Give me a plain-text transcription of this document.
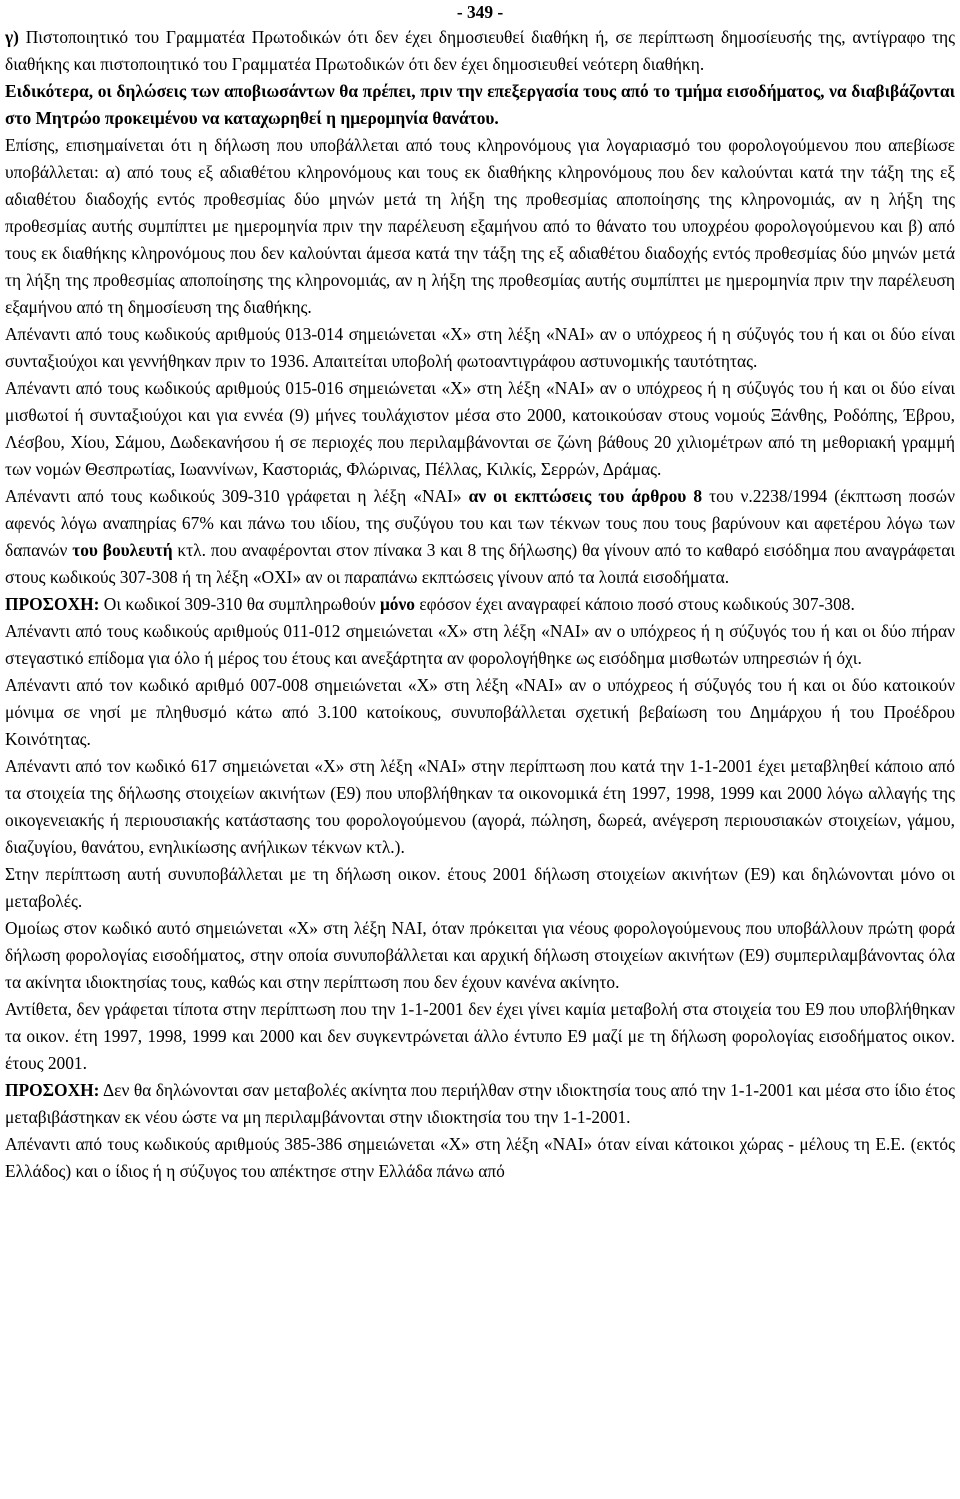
- 349 -

γ) Πιστοποιητικό του Γραμματέα Πρωτοδικών ότι δεν έχει δημοσιευθεί διαθήκη ή, σε περίπτωση δημοσίευσής της, αντίγραφο της διαθήκης και πιστοποιητικό του Γραμματέα Πρωτοδικών ότι δεν έχει δημοσιευθεί νεότερη διαθήκη.

Ειδικότερα, οι δηλώσεις των αποβιωσάντων θα πρέπει, πριν την επεξεργασία τους από το τμήμα εισοδήματος, να διαβιβάζονται στο Μητρώο προκειμένου να καταχωρηθεί η ημερομηνία θανάτου.

Επίσης, επισημαίνεται ότι η δήλωση που υποβάλλεται από τους κληρονόμους για λογαριασμό του φορολογούμενου που απεβίωσε υποβάλλεται: α) από τους εξ αδιαθέτου κληρονόμους και τους εκ διαθήκης κληρονόμους που δεν καλούνται κατά την τάξη της εξ αδιαθέτου διαδοχής εντός προθεσμίας δύο μηνών μετά τη λήξη της προθεσμίας αποποίησης της κληρονομιάς, αν η λήξη της προθεσμίας αυτής συμπίπτει με ημερομηνία πριν την παρέλευση εξαμήνου από το θάνατο του υποχρέου φορολογούμενου και β) από τους εκ διαθήκης κληρονόμους που δεν καλούνται άμεσα κατά την τάξη της εξ αδιαθέτου διαδοχής εντός προθεσμίας δύο μηνών μετά τη λήξη της προθεσμίας αποποίησης της κληρονομιάς, αν η λήξη της προθεσμίας αυτής συμπίπτει με ημερομηνία πριν την παρέλευση εξαμήνου από τη δημοσίευση της διαθήκης.

Απέναντι από τους κωδικούς αριθμούς 013-014 σημειώνεται «Χ» στη λέξη «ΝΑΙ» αν ο υπόχρεος ή η σύζυγός του ή και οι δύο είναι συνταξιούχοι και γεννήθηκαν πριν το 1936. Απαιτείται υποβολή φωτοαντιγράφου αστυνομικής ταυτότητας.

Απέναντι από τους κωδικούς αριθμούς 015-016 σημειώνεται «Χ» στη λέξη «ΝΑΙ» αν ο υπόχρεος ή η σύζυγός του ή και οι δύο είναι μισθωτοί ή συνταξιούχοι και για εννέα (9) μήνες τουλάχιστον μέσα στο 2000, κατοικούσαν στους νομούς Ξάνθης, Ροδόπης, Έβρου, Λέσβου, Χίου, Σάμου, Δωδεκανήσου ή σε περιοχές που περιλαμβάνονται σε ζώνη βάθους 20 χιλιομέτρων από τη μεθοριακή γραμμή των νομών Θεσπρωτίας, Ιωαννίνων, Καστοριάς, Φλώρινας, Πέλλας, Κιλκίς, Σερρών, Δράμας.

Απέναντι από τους κωδικούς 309-310 γράφεται η λέξη «ΝΑΙ» αν οι εκπτώσεις του άρθρου 8 του ν.2238/1994 (έκπτωση ποσών αφενός λόγω αναπηρίας 67% και πάνω του ιδίου, της συζύγου του και των τέκνων τους που τους βαρύνουν και αφετέρου λόγω των δαπανών του βουλευτή κτλ. που αναφέρονται στον πίνακα 3 και 8 της δήλωσης) θα γίνουν από το καθαρό εισόδημα που αναγράφεται στους κωδικούς 307-308 ή τη λέξη «ΟΧΙ» αν οι παραπάνω εκπτώσεις γίνουν από τα λοιπά εισοδήματα.

ΠΡΟΣΟΧΗ: Οι κωδικοί 309-310 θα συμπληρωθούν μόνο εφόσον έχει αναγραφεί κάποιο ποσό στους κωδικούς 307-308.

Απέναντι από τους κωδικούς αριθμούς 011-012 σημειώνεται «Χ» στη λέξη «ΝΑΙ» αν ο υπόχρεος ή η σύζυγός του ή και οι δύο πήραν στεγαστικό επίδομα για όλο ή μέρος του έτους και ανεξάρτητα αν φορολογήθηκε ως εισόδημα μισθωτών υπηρεσιών ή όχι.

Απέναντι από τον κωδικό αριθμό 007-008 σημειώνεται «Χ» στη λέξη «ΝΑΙ» αν ο υπόχρεος ή σύζυγός του ή και οι δύο κατοικούν μόνιμα σε νησί με πληθυσμό κάτω από 3.100 κατοίκους, συνυποβάλλεται σχετική βεβαίωση του Δημάρχου ή του Προέδρου Κοινότητας.

Απέναντι από τον κωδικό 617 σημειώνεται «Χ» στη λέξη «ΝΑΙ» στην περίπτωση που κατά την 1-1-2001 έχει μεταβληθεί κάποιο από τα στοιχεία της δήλωσης στοιχείων ακινήτων (Ε9) που υποβλήθηκαν τα οικονομικά έτη 1997, 1998, 1999 και 2000 λόγω αλλαγής της οικογενειακής ή περιουσιακής κατάστασης του φορολογούμενου (αγορά, πώληση, δωρεά, ανέγερση περιουσιακών στοιχείων, γάμου, διαζυγίου, θανάτου, ενηλικίωσης ανήλικων τέκνων κτλ.).

Στην περίπτωση αυτή συνυποβάλλεται με τη δήλωση οικον. έτους 2001 δήλωση στοιχείων ακινήτων (Ε9) και δηλώνονται μόνο οι μεταβολές.

Ομοίως στον κωδικό αυτό σημειώνεται «Χ» στη λέξη ΝΑΙ, όταν πρόκειται για νέους φορολογούμενους που υποβάλλουν πρώτη φορά δήλωση φορολογίας εισοδήματος, στην οποία συνυποβάλλεται και αρχική δήλωση στοιχείων ακινήτων (Ε9) συμπεριλαμβάνοντας όλα τα ακίνητα ιδιοκτησίας τους, καθώς και στην περίπτωση που δεν έχουν κανένα ακίνητο.

Αντίθετα, δεν γράφεται τίποτα στην περίπτωση που την 1-1-2001 δεν έχει γίνει καμία μεταβολή στα στοιχεία του Ε9 που υποβλήθηκαν τα οικον. έτη 1997, 1998, 1999 και 2000 και δεν συγκεντρώνεται άλλο έντυπο Ε9 μαζί με τη δήλωση φορολογίας εισοδήματος οικον. έτους 2001.

ΠΡΟΣΟΧΗ: Δεν θα δηλώνονται σαν μεταβολές ακίνητα που περιήλθαν στην ιδιοκτησία τους από την 1-1-2001 και μέσα στο ίδιο έτος μεταβιβάστηκαν εκ νέου ώστε να μη περιλαμβάνονται στην ιδιοκτησία του την 1-1-2001.

Απέναντι από τους κωδικούς αριθμούς 385-386 σημειώνεται «Χ» στη λέξη «ΝΑΙ» όταν είναι κάτοικοι χώρας - μέλους τη Ε.Ε. (εκτός Ελλάδος) και ο ίδιος ή η σύζυγος του απέκτησε στην Ελλάδα πάνω από
